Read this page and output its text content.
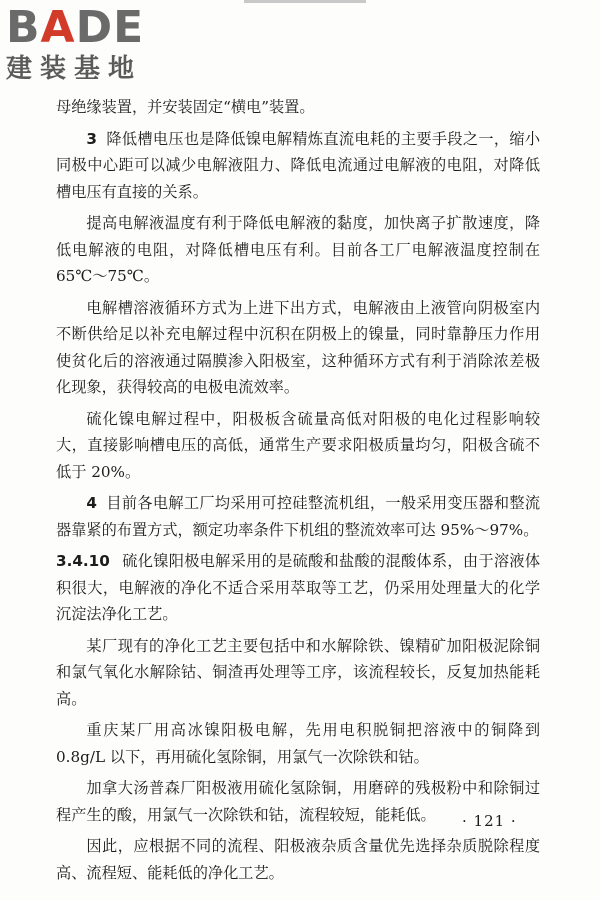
BADE
建装基地

母绝缘装置，并安装固定“横电”装置。

3 降低槽电压也是降低镍电解精炼直流电耗的主要手段之一，缩小同极中心距可以减少电解液阻力、降低电流通过电解液的电阻，对降低槽电压有直接的关系。

提高电解液温度有利于降低电解液的黏度，加快离子扩散速度，降低电解液的电阻，对降低槽电压有利。目前各工厂电解液温度控制在 65℃～75℃。

电解槽溶液循环方式为上进下出方式，电解液由上液管向阴极室内不断供给足以补充电解过程中沉积在阴极上的镍量，同时靠静压力作用使贫化后的溶液通过隔膜渗入阳极室，这种循环方式有利于消除浓差极化现象，获得较高的电极电流效率。

硫化镍电解过程中，阳极板含硫量高低对阳极的电化过程影响较大，直接影响槽电压的高低，通常生产要求阳极质量均匀，阳极含硫不低于 20%。

4 目前各电解工厂均采用可控硅整流机组，一般采用变压器和整流器靠紧的布置方式，额定功率条件下机组的整流效率可达 95%～97%。

3.4.10 硫化镍阳极电解采用的是硫酸和盐酸的混酸体系，由于溶液体积很大，电解液的净化不适合采用萃取等工艺，仍采用处理量大的化学沉淀法净化工艺。

某厂现有的净化工艺主要包括中和水解除铁、镍精矿加阳极泥除铜和氯气氧化水解除钴、铜渣再处理等工序，该流程较长，反复加热能耗高。

重庆某厂用高冰镍阳极电解，先用电积脱铜把溶液中的铜降到 0.8g/L 以下，再用硫化氢除铜，用氯气一次除铁和钴。

加拿大汤普森厂阳极液用硫化氢除铜，用磨碎的残极粉中和除铜过程产生的酸，用氯气一次除铁和钴，流程较短，能耗低。

因此，应根据不同的流程、阳极液杂质含量优先选择杂质脱除程度高、流程短、能耗低的净化工艺。

· 121 ·
